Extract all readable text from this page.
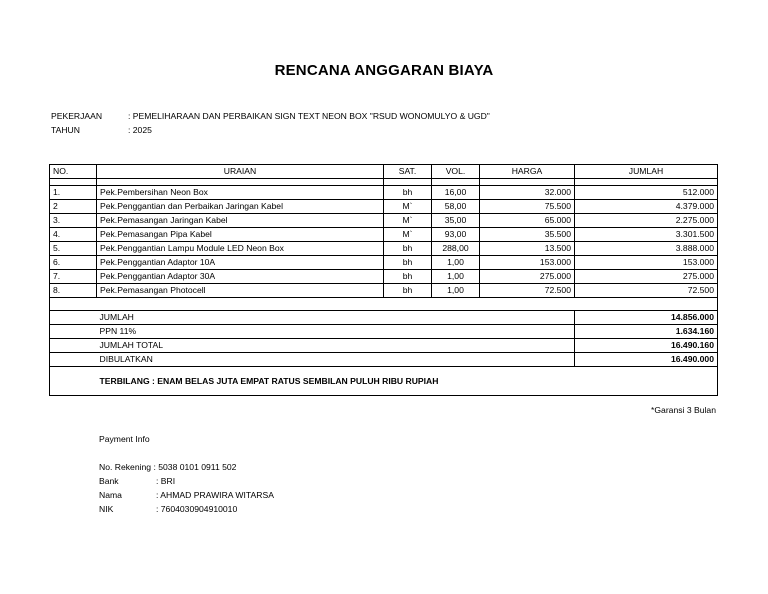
RENCANA ANGGARAN BIAYA
PEKERJAAN	: PEMELIHARAAN DAN PERBAIKAN SIGN TEXT NEON BOX "RSUD WONOMULYO & UGD"
TAHUN	: 2025
NO.	URAIAN	SAT.	VOL.	HARGA	JUMLAH

1.	Pek.Pembersihan Neon Box	bh	16,00	32.000	512.000
2	Pek.Penggantian dan Perbaikan Jaringan Kabel	M`	58,00	75.500	4.379.000
3.	Pek.Pemasangan Jaringan Kabel	M`	35,00	65.000	2.275.000
4.	Pek.Pemasangan Pipa Kabel	M`	93,00	35.500	3.301.500
5.	Pek.Penggantian Lampu Module LED Neon Box	bh	288,00	13.500	3.888.000
6.	Pek.Penggantian Adaptor 10A	bh	1,00	153.000	153.000
7.	Pek.Penggantian Adaptor 30A	bh	1,00	275.000	275.000
8.	Pek.Pemasangan Photocell	bh	1,00	72.500	72.500

	JUMLAH				14.856.000
	PPN 11%				1.634.160
	JUMLAH TOTAL				16.490.160
	DIBULATKAN				16.490.000
	TERBILANG : ENAM BELAS JUTA EMPAT RATUS SEMBILAN PULUH RIBU RUPIAH				
*Garansi 3 Bulan
Payment Info
No. Rekening : 5038 0101 0911 502
Bank	: BRI
Nama	: AHMAD PRAWIRA WITARSA
NIK	: 7604030904910010
